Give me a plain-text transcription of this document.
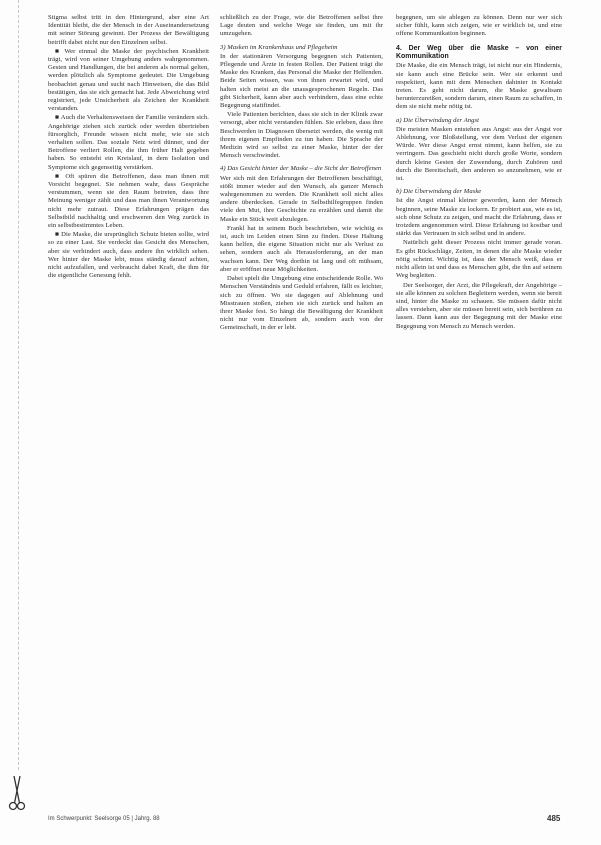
Stigma selbst tritt in den Hintergrund, aber eine Art Identität bleibt, die der Mensch in der Auseinandersetzung mit seiner Störung gewinnt. Der Prozess der Bewältigung betrifft dabei nicht nur den Einzelnen selbst.

■ Wer einmal die Maske der psychischen Krankheit trägt, wird von seiner Umgebung anders wahrgenommen. Gesten und Handlungen, die bei anderen als normal gelten, werden plötzlich als Symptome gedeutet. Die Umgebung beobachtet genau und sucht nach Hinweisen, die das Bild bestätigen, das sie sich gemacht hat. Jede Abweichung wird registriert, jede Unsicherheit als Zeichen der Krankheit verstanden.

■ Auch die Verhaltensweisen der Familie verändern sich. Angehörige ziehen sich zurück oder werden übertrieben fürsorglich, Freunde wissen nicht mehr, wie sie sich verhalten sollen. Das soziale Netz wird dünner, und der Betroffene verliert Rollen, die ihm früher Halt gegeben haben. So entsteht ein Kreislauf, in dem Isolation und Symptome sich gegenseitig verstärken.

■ Oft spüren die Betroffenen, dass man ihnen mit Vorsicht begegnet. Sie nehmen wahr, dass Gespräche verstummen, wenn sie den Raum betreten, dass ihre Meinung weniger zählt und dass man ihnen Verantwortung nicht mehr zutraut. Diese Erfahrungen prägen das Selbstbild nachhaltig und erschweren den Weg zurück in ein selbstbestimmtes Leben.

■ Die Maske, die ursprünglich Schutz bieten sollte, wird so zu einer Last. Sie verdeckt das Gesicht des Menschen, aber sie verhindert auch, dass andere ihn wirklich sehen. Wer hinter der Maske lebt, muss ständig darauf achten, nicht aufzufallen, und verbraucht dabei Kraft, die ihm für die eigentliche Genesung fehlt.

schließlich zu der Frage, wie die Betroffenen selbst ihre Lage deuten und welche Wege sie finden, um mit ihr umzugehen.

3) Masken im Krankenhaus und Pflegeheim

In der stationären Versorgung begegnen sich Patienten, Pflegende und Ärzte in festen Rollen. Der Patient trägt die Maske des Kranken, das Personal die Maske der Helfenden. Beide Seiten wissen, was von ihnen erwartet wird, und halten sich meist an die unausgesprochenen Regeln. Das gibt Sicherheit, kann aber auch verhindern, dass eine echte Begegnung stattfindet.

Viele Patienten berichten, dass sie sich in der Klinik zwar versorgt, aber nicht verstanden fühlen. Sie erleben, dass ihre Beschwerden in Diagnosen übersetzt werden, die wenig mit ihrem eigenen Empfinden zu tun haben. Die Sprache der Medizin wird so selbst zu einer Maske, hinter der der Mensch verschwindet.

4) Das Gesicht hinter der Maske – die Sicht der Betroffenen

Wer sich mit den Erfahrungen der Betroffenen beschäftigt, stößt immer wieder auf den Wunsch, als ganzer Mensch wahrgenommen zu werden. Die Krankheit soll nicht alles andere überdecken. Gerade in Selbsthilfegruppen finden viele den Mut, ihre Geschichte zu erzählen und damit die Maske ein Stück weit abzulegen.

Frankl hat in seinem Buch beschrieben, wie wichtig es ist, auch im Leiden einen Sinn zu finden. Diese Haltung kann helfen, die eigene Situation nicht nur als Verlust zu sehen, sondern auch als Herausforderung, an der man wachsen kann. Der Weg dorthin ist lang und oft mühsam, aber er eröffnet neue Möglichkeiten.

Dabei spielt die Umgebung eine entscheidende Rolle. Wo Menschen Verständnis und Geduld erfahren, fällt es leichter, sich zu öffnen. Wo sie dagegen auf Ablehnung und Misstrauen stoßen, ziehen sie sich zurück und halten an ihrer Maske fest. So hängt die Bewältigung der Krankheit nicht nur vom Einzelnen ab, sondern auch von der Gemeinschaft, in der er lebt.

begegnen, um sie ablegen zu können. Denn nur wer sich sicher fühlt, kann sich zeigen, wie er wirklich ist, und eine offene Kommunikation beginnen.

4. Der Weg über die Maske – von einer Kommunikation

Die Maske, die ein Mensch trägt, ist nicht nur ein Hindernis, sie kann auch eine Brücke sein. Wer sie erkennt und respektiert, kann mit dem Menschen dahinter in Kontakt treten. Es geht nicht darum, die Maske gewaltsam herunterzureißen, sondern darum, einen Raum zu schaffen, in dem sie nicht mehr nötig ist.

a) Die Überwindung der Angst

Die meisten Masken entstehen aus Angst: aus der Angst vor Ablehnung, vor Bloßstellung, vor dem Verlust der eigenen Würde. Wer diese Angst ernst nimmt, kann helfen, sie zu verringern. Das geschieht nicht durch große Worte, sondern durch kleine Gesten der Zuwendung, durch Zuhören und durch die Bereitschaft, den anderen so anzunehmen, wie er ist.

b) Die Überwindung der Maske

Ist die Angst einmal kleiner geworden, kann der Mensch beginnen, seine Maske zu lockern. Er probiert aus, wie es ist, sich ohne Schutz zu zeigen, und macht die Erfahrung, dass er trotzdem angenommen wird. Diese Erfahrung ist kostbar und stärkt das Vertrauen in sich selbst und in andere.

Natürlich geht dieser Prozess nicht immer gerade voran. Es gibt Rückschläge, Zeiten, in denen die alte Maske wieder nötig scheint. Wichtig ist, dass der Mensch weiß, dass er nicht allein ist und dass es Menschen gibt, die ihn auf seinem Weg begleiten.

Der Seelsorger, der Arzt, die Pflegekraft, der Angehörige – sie alle können zu solchen Begleitern werden, wenn sie bereit sind, hinter die Maske zu schauen. Sie müssen dafür nicht alles verstehen, aber sie müssen bereit sein, sich berühren zu lassen. Dann kann aus der Begegnung mit der Maske eine Begegnung von Mensch zu Mensch werden.

Im Schwerpunkt: Seelsorge 05 | Jahrg. 88	485
